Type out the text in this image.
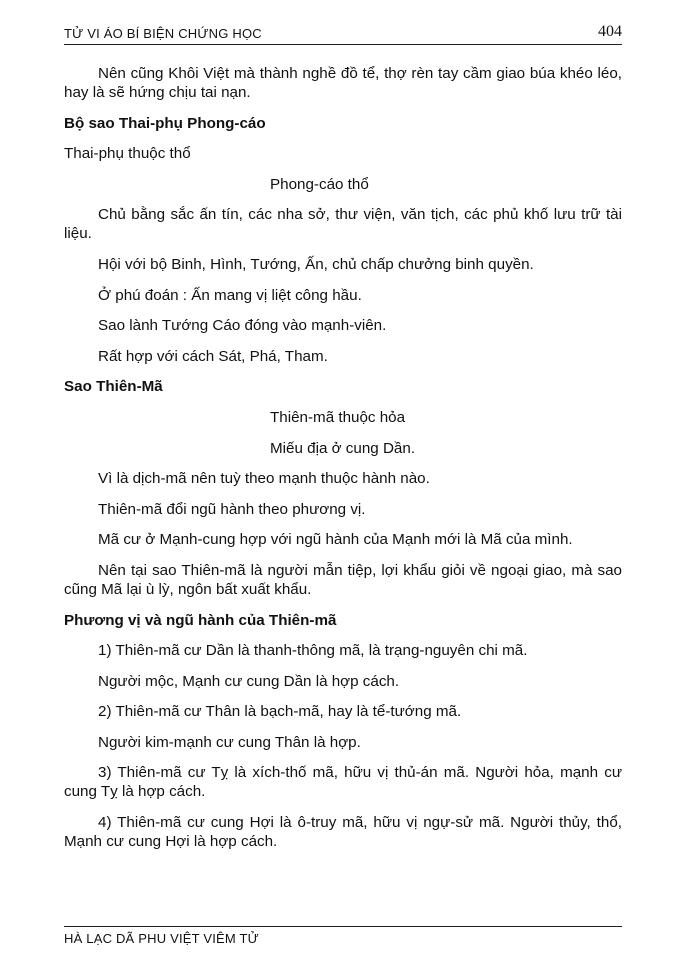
TỬ VI ÁO BÍ BIỆN CHỨNG HỌC	404

Nên cũng Khôi Việt mà thành nghề đồ tể, thợ rèn tay cầm giao búa khéo léo, hay là sẽ hứng chịu tai nạn.

Bộ sao Thai-phụ Phong-cáo

Thai-phụ thuộc thổ

Phong-cáo thổ

Chủ bằng sắc ấn tín, các nha sở, thư viện, văn tịch, các phủ khố lưu trữ tài liệu.

Hội với bộ Binh, Hình, Tướng, Ấn, chủ chấp chưởng binh quyền.

Ở phú đoán : Ấn mang vị liệt công hầu.

Sao lành Tướng Cáo đóng vào mạnh-viên.

Rất hợp với cách Sát, Phá, Tham.

Sao Thiên-Mã

Thiên-mã thuộc hỏa

Miếu địa ở cung Dần.

Vì là dịch-mã nên tuỳ theo mạnh thuộc hành nào.

Thiên-mã đổi ngũ hành theo phương vị.

Mã cư ở Mạnh-cung hợp với ngũ hành của Mạnh mới là Mã của mình.

Nên tại sao Thiên-mã là người mẫn tiệp, lợi khẩu giỏi về ngoại giao, mà sao cũng Mã lại ù lỳ, ngôn bất xuất khẩu.

Phương vị và ngũ hành của Thiên-mã

1) Thiên-mã cư Dần là thanh-thông mã, là trạng-nguyên chi mã.

Người mộc, Mạnh cư cung Dần là hợp cách.

2) Thiên-mã cư Thân là bạch-mã, hay là tể-tướng mã.

Người kim-mạnh cư cung Thân là hợp.

3) Thiên-mã cư Tỵ là xích-thố mã, hữu vị thủ-án mã. Người hỏa, mạnh cư cung Tỵ là hợp cách.

4) Thiên-mã cư cung Hợi là ô-truy mã, hữu vị ngự-sử mã. Người thủy, thổ, Mạnh cư cung Hợi là hợp cách.

HÀ LẠC DÃ PHU VIỆT VIÊM TỬ
